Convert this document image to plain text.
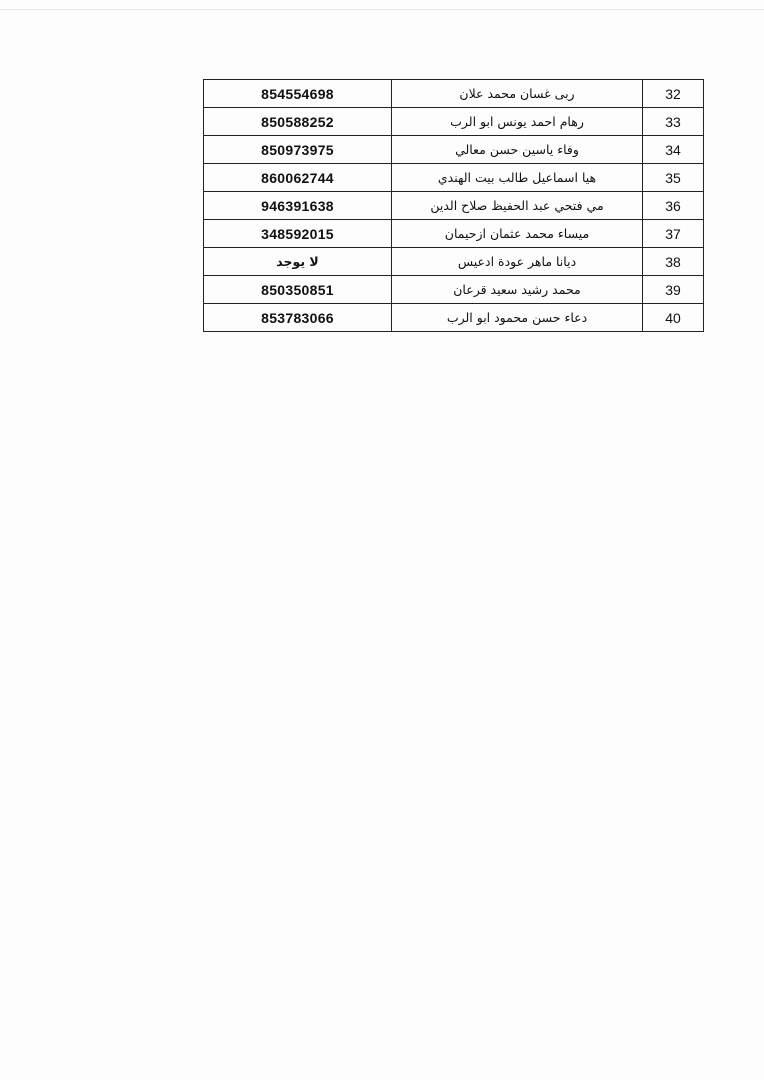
32	ربى غسان محمد علان	854554698
33	رهام احمد يونس ابو الرب	850588252
34	وفاء ياسين حسن معالي	850973975
35	هيا اسماعيل طالب بيت الهندي	860062744
36	مي فتحي عبد الحفيظ صلاح الدين	946391638
37	ميساء محمد عثمان ازحيمان	348592015
38	ديانا ماهر عودة ادعيس	لا يوجد
39	محمد رشيد سعيد قرعان	850350851
40	دعاء حسن محمود ابو الرب	853783066
